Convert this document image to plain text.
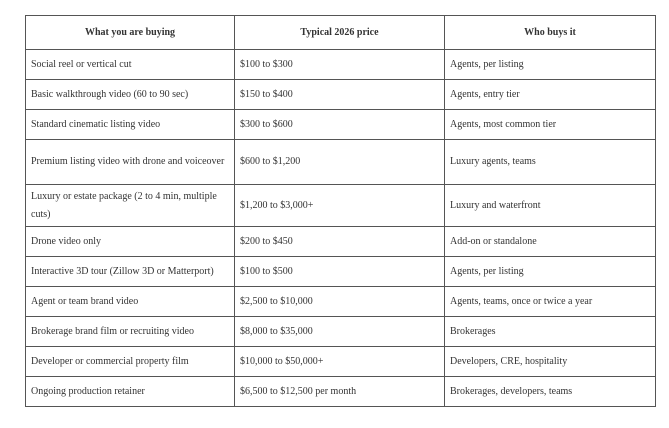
What you are buying	Typical 2026 price	Who buys it
Social reel or vertical cut	$100 to $300	Agents, per listing
Basic walkthrough video (60 to 90 sec)	$150 to $400	Agents, entry tier
Standard cinematic listing video	$300 to $600	Agents, most common tier
Premium listing video with drone and voiceover	$600 to $1,200	Luxury agents, teams
Luxury or estate package (2 to 4 min, multiple cuts)	$1,200 to $3,000+	Luxury and waterfront
Drone video only	$200 to $450	Add-on or standalone
Interactive 3D tour (Zillow 3D or Matterport)	$100 to $500	Agents, per listing
Agent or team brand video	$2,500 to $10,000	Agents, teams, once or twice a year
Brokerage brand film or recruiting video	$8,000 to $35,000	Brokerages
Developer or commercial property film	$10,000 to $50,000+	Developers, CRE, hospitality
Ongoing production retainer	$6,500 to $12,500 per month	Brokerages, developers, teams
